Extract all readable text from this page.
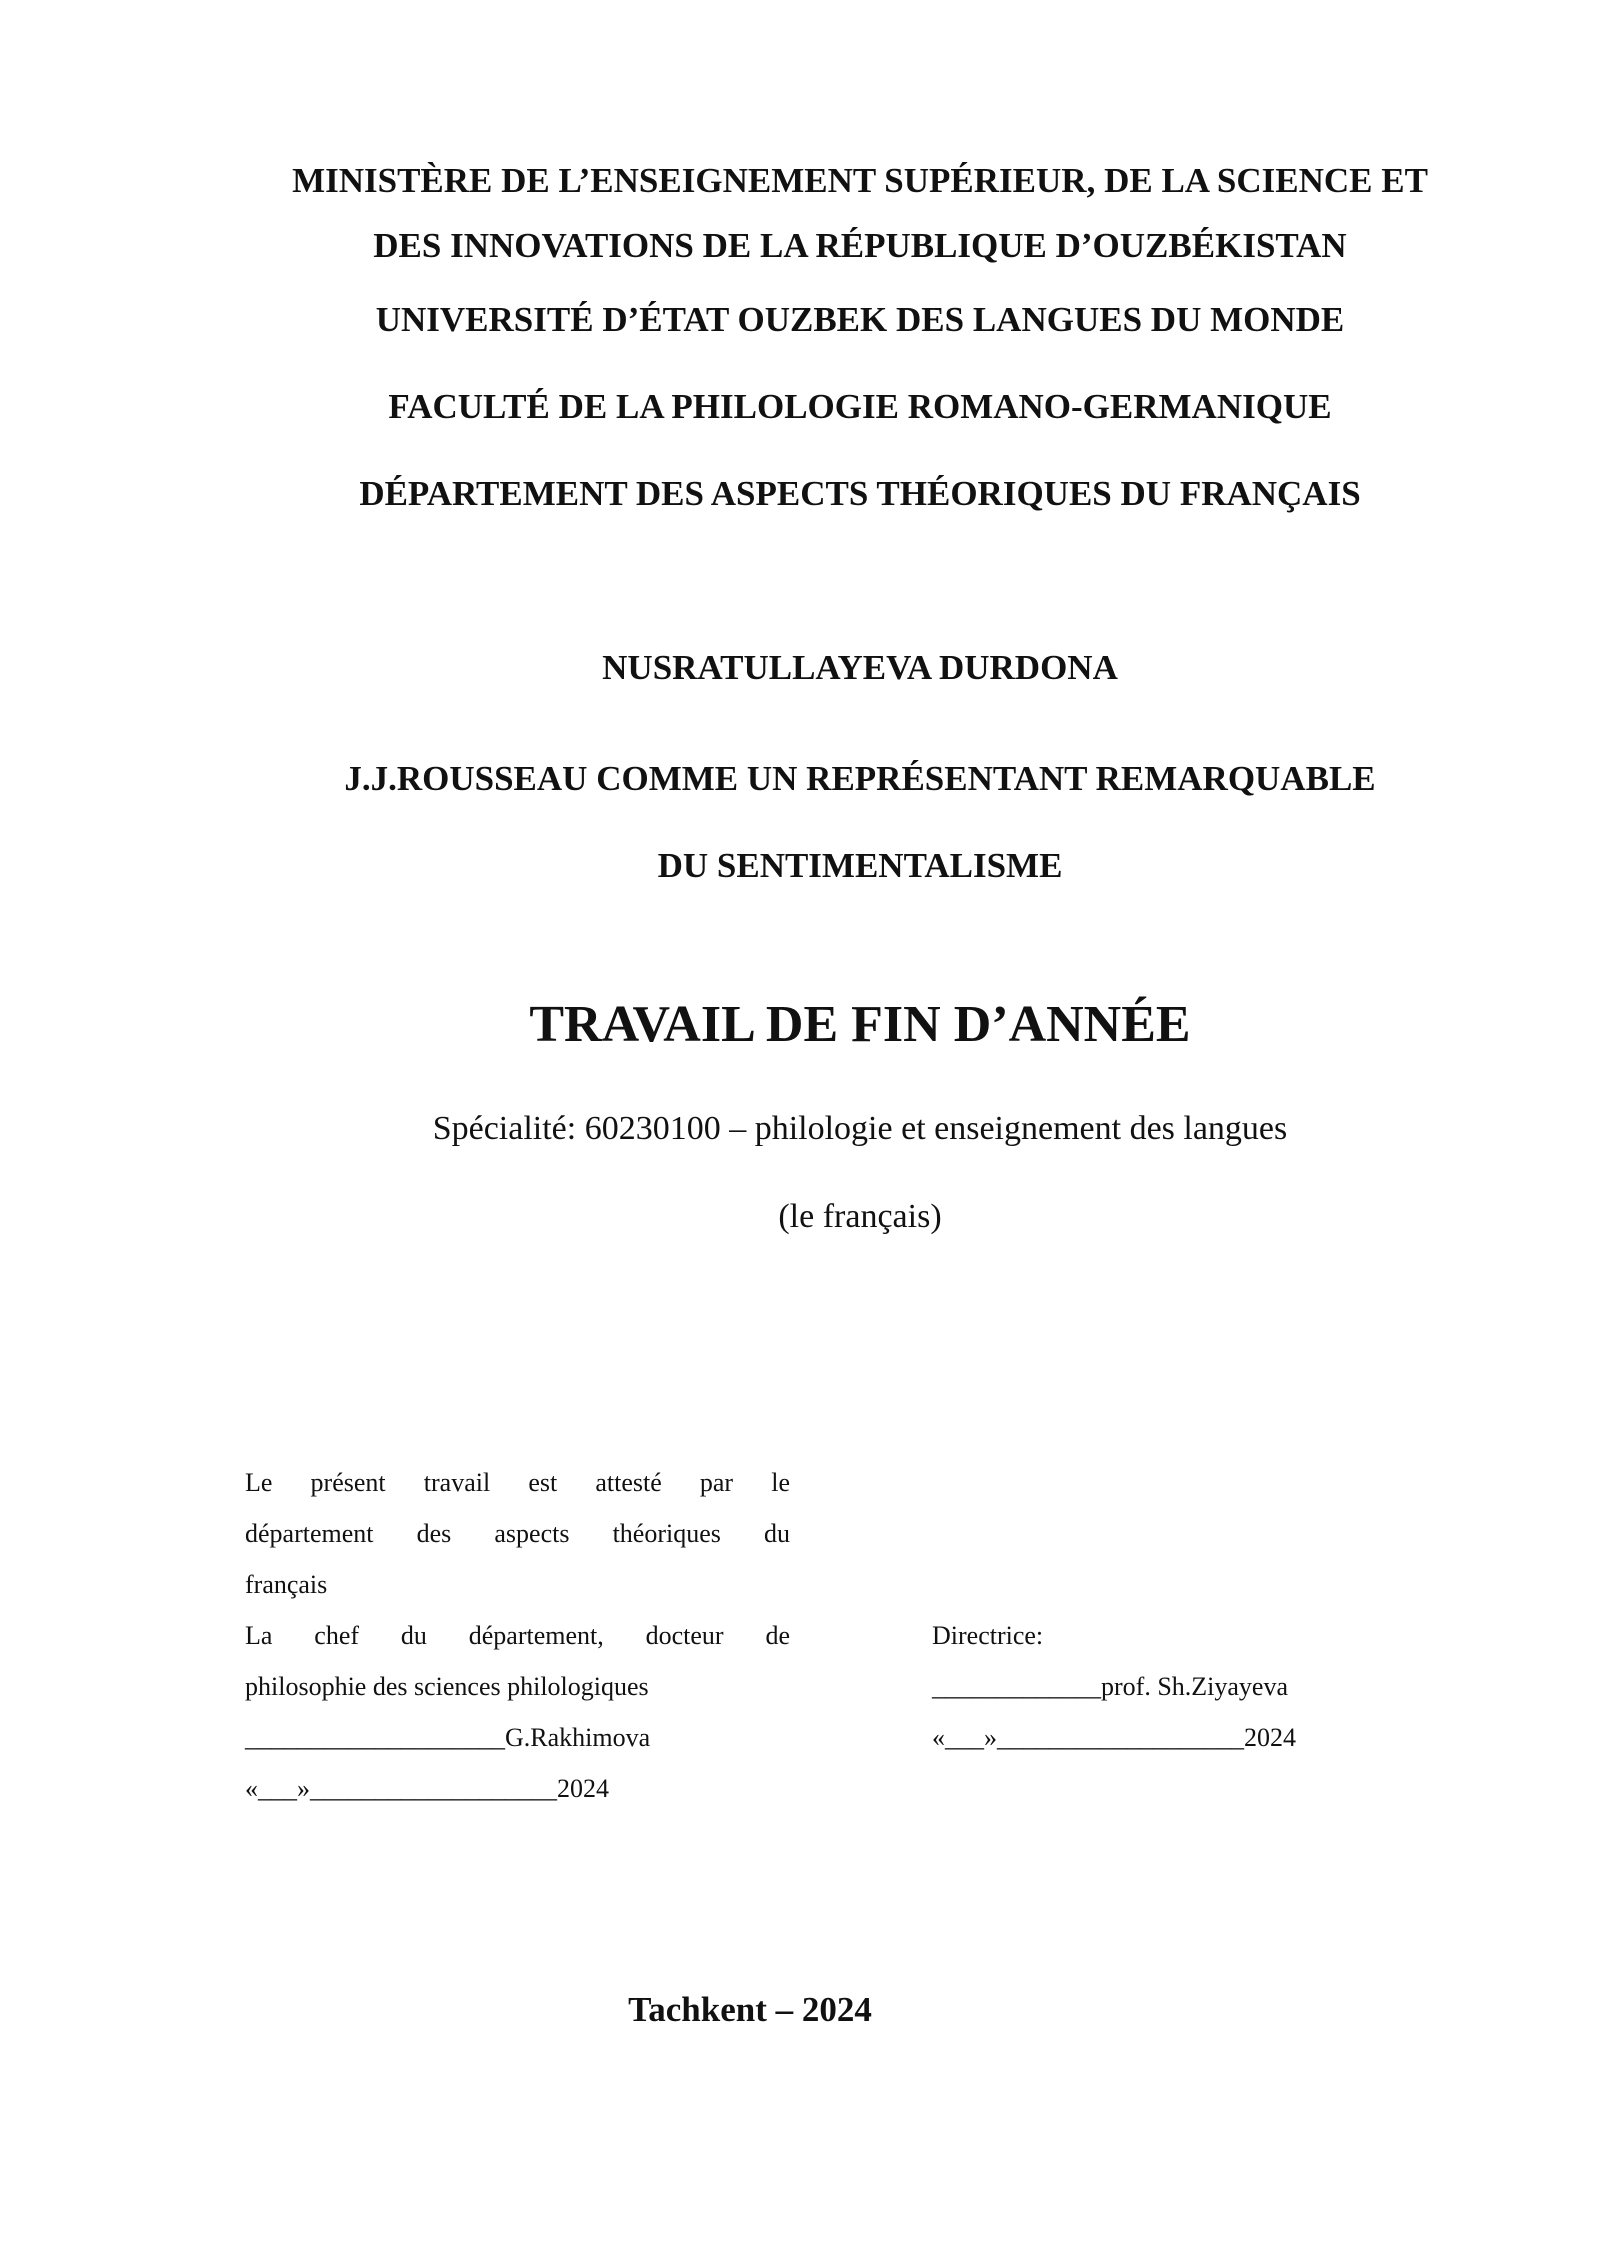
MINISTÈRE DE L’ENSEIGNEMENT SUPÉRIEUR, DE LA SCIENCE ET
DES INNOVATIONS DE LA RÉPUBLIQUE D’OUZBÉKISTAN
UNIVERSITÉ D’ÉTAT OUZBEK DES LANGUES DU MONDE
FACULTÉ DE LA PHILOLOGIE ROMANO-GERMANIQUE
DÉPARTEMENT DES ASPECTS THÉORIQUES DU FRANÇAIS
NUSRATULLAYEVA DURDONA
J.J.ROUSSEAU COMME UN REPRÉSENTANT REMARQUABLE
DU SENTIMENTALISME
TRAVAIL DE FIN D’ANNÉE
Spécialité: 60230100 – philologie et enseignement des langues
(le français)
Le présent travail est attesté par le
département des aspects théoriques du
français
La chef du département, docteur de
philosophie des sciences philologiques
____________________G.Rakhimova
«___»___________________2024
Directrice:
_____________prof. Sh.Ziyayeva
«___»___________________2024
Tachkent – 2024
